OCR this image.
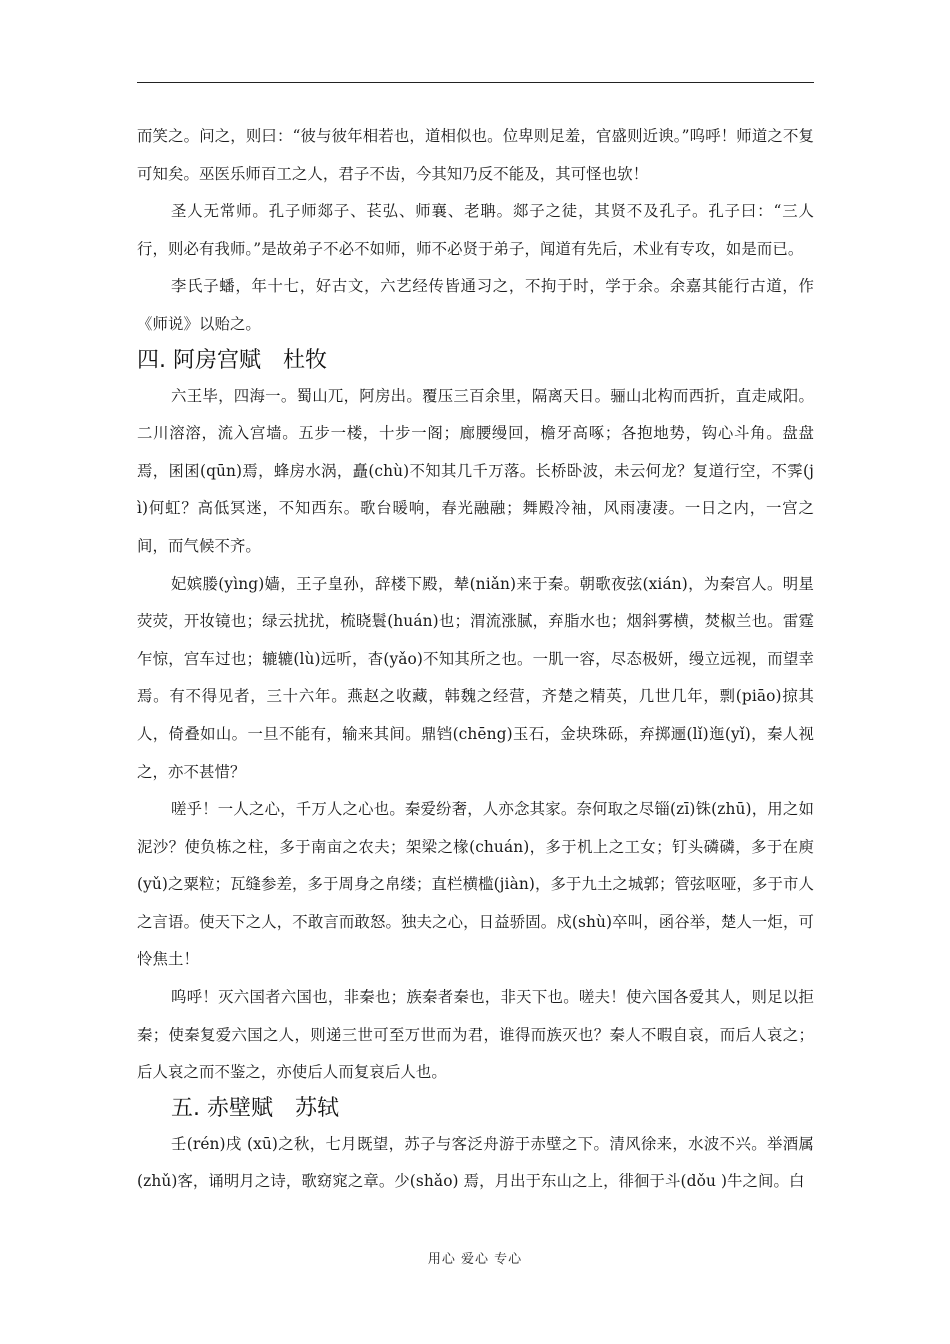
而笑之。问之，则曰：“彼与彼年相若也，道相似也。位卑则足羞，官盛则近谀。”呜呼！师道之不复可知矣。巫医乐师百工之人，君子不齿，今其知乃反不能及，其可怪也欤！

圣人无常师。孔子师郯子、苌弘、师襄、老聃。郯子之徒，其贤不及孔子。孔子曰：“三人行，则必有我师。”是故弟子不必不如师，师不必贤于弟子，闻道有先后，术业有专攻，如是而已。

李氏子蟠，年十七，好古文，六艺经传皆通习之，不拘于时，学于余。余嘉其能行古道，作《师说》以贻之。

四. 阿房宫赋　杜牧

六王毕，四海一。蜀山兀，阿房出。覆压三百余里，隔离天日。骊山北构而西折，直走咸阳。二川溶溶，流入宫墙。五步一楼，十步一阁；廊腰缦回，檐牙高啄；各抱地势，钩心斗角。盘盘焉，囷囷(qūn)焉，蜂房水涡，矗(chù)不知其几千万落。长桥卧波，未云何龙？复道行空，不霁(jì)何虹？高低冥迷，不知西东。歌台暖响，春光融融；舞殿冷袖，风雨凄凄。一日之内，一宫之间，而气候不齐。

妃嫔媵(yìng)嫱，王子皇孙，辞楼下殿，辇(niǎn)来于秦。朝歌夜弦(xián)，为秦宫人。明星荧荧，开妆镜也；绿云扰扰，梳晓鬟(huán)也；渭流涨腻，弃脂水也；烟斜雾横，焚椒兰也。雷霆乍惊，宫车过也；辘辘(lù)远听，杳(yǎo)不知其所之也。一肌一容，尽态极妍，缦立远视，而望幸焉。有不得见者，三十六年。燕赵之收藏，韩魏之经营，齐楚之精英，几世几年，剽(piāo)掠其人，倚叠如山。一旦不能有，输来其间。鼎铛(chēng)玉石，金块珠砾，弃掷逦(lǐ)迤(yǐ)，秦人视之，亦不甚惜？

嗟乎！一人之心，千万人之心也。秦爱纷奢，人亦念其家。奈何取之尽锱(zī)铢(zhū)，用之如泥沙？使负栋之柱，多于南亩之农夫；架梁之椽(chuán)，多于机上之工女；钉头磷磷，多于在庾(yǔ)之粟粒；瓦缝参差，多于周身之帛缕；直栏横槛(jiàn)，多于九土之城郭；管弦呕哑，多于市人之言语。使天下之人，不敢言而敢怒。独夫之心，日益骄固。戍(shù)卒叫，函谷举，楚人一炬，可怜焦土！

呜呼！灭六国者六国也，非秦也；族秦者秦也，非天下也。嗟夫！使六国各爱其人，则足以拒秦；使秦复爱六国之人，则递三世可至万世而为君，谁得而族灭也？秦人不暇自哀，而后人哀之；后人哀之而不鉴之，亦使后人而复哀后人也。

五. 赤壁赋　苏轼

壬(rén)戌 (xū)之秋，七月既望，苏子与客泛舟游于赤壁之下。清风徐来，水波不兴。举酒属(zhǔ)客，诵明月之诗，歌窈窕之章。少(shǎo) 焉，月出于东山之上，徘徊于斗(dǒu )牛之间。白

用心 爱心 专心
